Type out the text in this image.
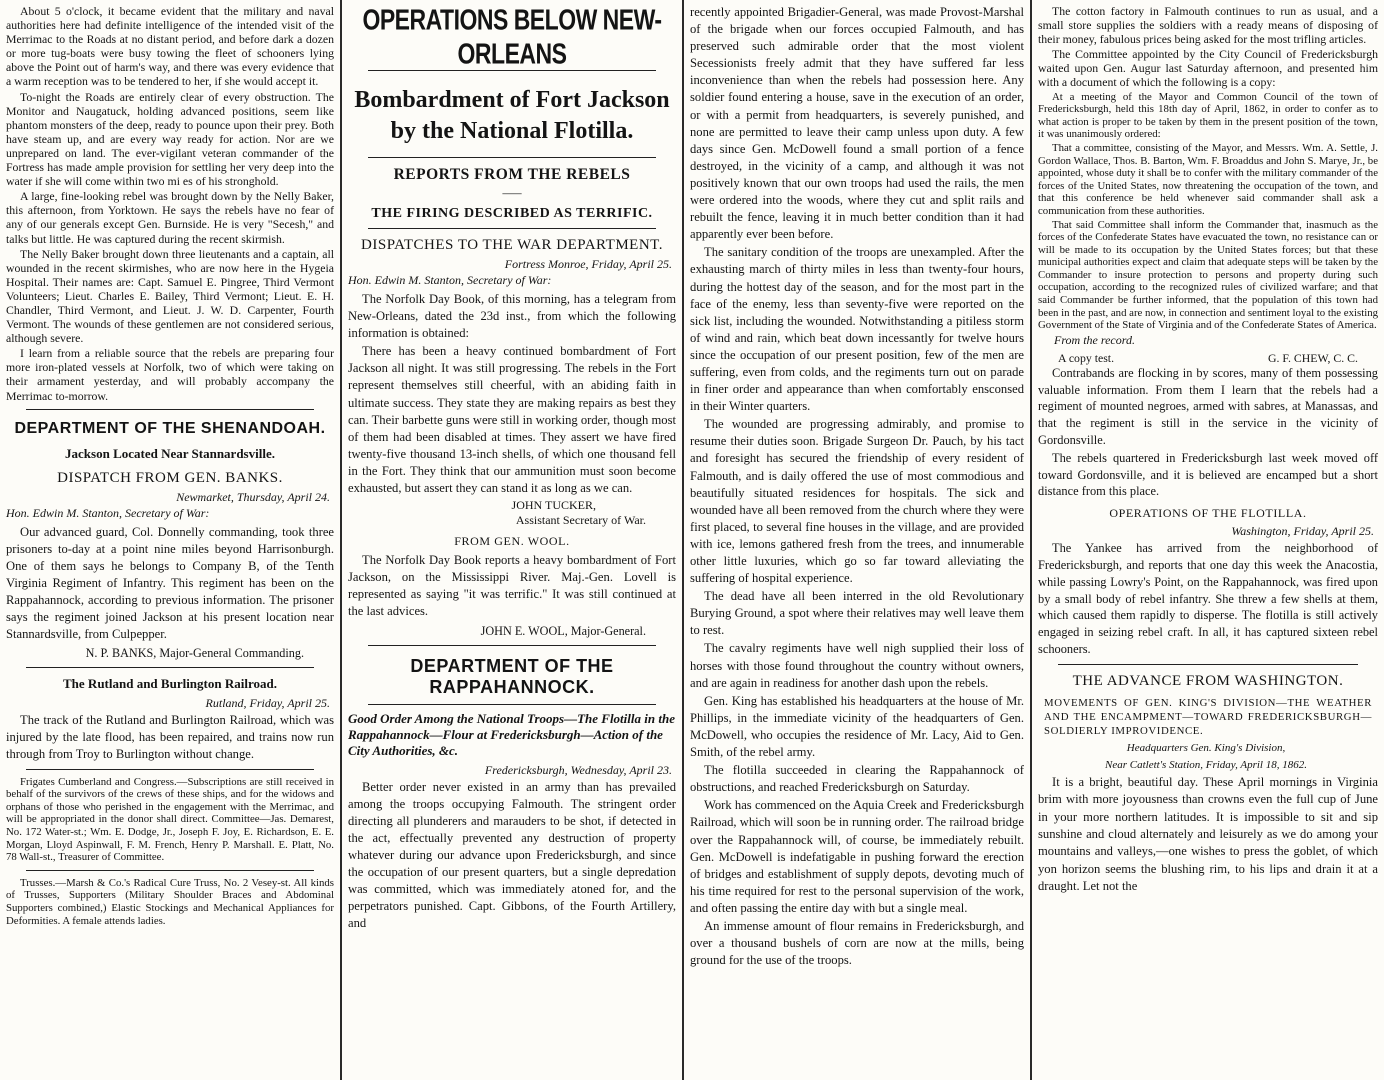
About 5 o'clock, it became evident that the military and naval authorities here had definite intelligence of the intended visit of the Merrimac to the Roads at no distant period, and before dark a dozen or more tug-boats were busy towing the fleet of schooners lying above the Point out of harm's way, and there was every evidence that a warm reception was to be tendered to her, if she would accept it.

To-night the Roads are entirely clear of every obstruction. The Monitor and Naugatuck, holding advanced positions, seem like phantom monsters of the deep, ready to pounce upon their prey. Both have steam up, and are every way ready for action. Nor are we unprepared on land. The ever-vigilant veteran commander of the Fortress has made ample provision for settling her very deep into the water if she will come within two mi es of his stronghold.

A large, fine-looking rebel was brought down by the Nelly Baker, this afternoon, from Yorktown. He says the rebels have no fear of any of our generals except Gen. Burnside. He is very "Secesh," and talks but little. He was captured during the recent skirmish.

The Nelly Baker brought down three lieutenants and a captain, all wounded in the recent skirmishes, who are now here in the Hygeia Hospital. Their names are: Capt. Samuel E. Pingree, Third Vermont Volunteers; Lieut. Charles E. Bailey, Third Vermont; Lieut. E. H. Chandler, Third Vermont, and Lieut. J. W. D. Carpenter, Fourth Vermont. The wounds of these gentlemen are not considered serious, although severe.

I learn from a reliable source that the rebels are preparing four more iron-plated vessels at Norfolk, two of which were taking on their armament yesterday, and will probably accompany the Merrimac to-morrow.

DEPARTMENT OF THE SHENANDOAH.
Jackson Located Near Stannardsville.
DISPATCH FROM GEN. BANKS.
Newmarket, Thursday, April 24.
Hon. Edwin M. Stanton, Secretary of War:

Our advanced guard, Col. Donnelly commanding, took three prisoners to-day at a point nine miles beyond Harrisonburgh. One of them says he belongs to Company B, of the Tenth Virginia Regiment of Infantry. This regiment has been on the Rappahannock, according to previous information. The prisoner says the regiment joined Jackson at his present location near Stannardsville, from Culpepper.

N. P. BANKS, Major-General Commanding.
The Rutland and Burlington Railroad.
Rutland, Friday, April 25.

The track of the Rutland and Burlington Railroad, which was injured by the late flood, has been repaired, and trains now run through from Troy to Burlington without change.

Frigates Cumberland and Congress.—Subscriptions are still received in behalf of the survivors of the crews of these ships, and for the widows and orphans of those who perished in the engagement with the Merrimac, and will be appropriated in the donor shall direct. Committee—Jas. Demarest, No. 172 Water-st.; Wm. E. Dodge, Jr., Joseph F. Joy, E. Richardson, E. E. Morgan, Lloyd Aspinwall, F. M. French, Henry P. Marshall. E. Platt, No. 78 Wall-st., Treasurer of Committee.

Trusses.—Marsh & Co.'s Radical Cure Truss, No. 2 Vesey-st. All kinds of Trusses, Supporters (Military Shoulder Braces and Abdominal Supporters combined,) Elastic Stockings and Mechanical Appliances for Deformities. A female attends ladies.

OPERATIONS BELOW NEW-ORLEANS
Bombardment of Fort Jackson by the National Flotilla.
REPORTS FROM THE REBELS
⸺
THE FIRING DESCRIBED AS TERRIFIC.
DISPATCHES TO THE WAR DEPARTMENT.
Fortress Monroe, Friday, April 25.
Hon. Edwin M. Stanton, Secretary of War:

The Norfolk Day Book, of this morning, has a telegram from New-Orleans, dated the 23d inst., from which the following information is obtained:

There has been a heavy continued bombardment of Fort Jackson all night. It was still progressing. The rebels in the Fort represent themselves still cheerful, with an abiding faith in ultimate success. They state they are making repairs as best they can. Their barbette guns were still in working order, though most of them had been disabled at times. They assert we have fired twenty-five thousand 13-inch shells, of which one thousand fell in the Fort. They think that our ammunition must soon become exhausted, but assert they can stand it as long as we can.

JOHN TUCKER,
Assistant Secretary of War.
FROM GEN. WOOL.

The Norfolk Day Book reports a heavy bombardment of Fort Jackson, on the Mississippi River. Maj.-Gen. Lovell is represented as saying "it was terrific." It was still continued at the last advices.

JOHN E. WOOL, Major-General.
DEPARTMENT OF THE RAPPAHANNOCK.
Good Order Among the National Troops—The Flotilla in the Rappahannock—Flour at Fredericksburgh—Action of the City Authorities, &c.
Fredericksburgh, Wednesday, April 23.

Better order never existed in an army than has prevailed among the troops occupying Falmouth. The stringent order directing all plunderers and marauders to be shot, if detected in the act, effectually prevented any destruction of property whatever during our advance upon Fredericksburgh, and since the occupation of our present quarters, but a single depredation was committed, which was immediately atoned for, and the perpetrators punished. Capt. Gibbons, of the Fourth Artillery, and

recently appointed Brigadier-General, was made Provost-Marshal of the brigade when our forces occupied Falmouth, and has preserved such admirable order that the most violent Secessionists freely admit that they have suffered far less inconvenience than when the rebels had possession here. Any soldier found entering a house, save in the execution of an order, or with a permit from headquarters, is severely punished, and none are permitted to leave their camp unless upon duty. A few days since Gen. McDowell found a small portion of a fence destroyed, in the vicinity of a camp, and although it was not positively known that our own troops had used the rails, the men were ordered into the woods, where they cut and split rails and rebuilt the fence, leaving it in much better condition than it had apparently ever been before.

The sanitary condition of the troops are unexampled. After the exhausting march of thirty miles in less than twenty-four hours, during the hottest day of the season, and for the most part in the face of the enemy, less than seventy-five were reported on the sick list, including the wounded. Notwithstanding a pitiless storm of wind and rain, which beat down incessantly for twelve hours since the occupation of our present position, few of the men are suffering, even from colds, and the regiments turn out on parade in finer order and appearance than when comfortably ensconsed in their Winter quarters.

The wounded are progressing admirably, and promise to resume their duties soon. Brigade Surgeon Dr. Pauch, by his tact and foresight has secured the friendship of every resident of Falmouth, and is daily offered the use of most commodious and beautifully situated residences for hospitals. The sick and wounded have all been removed from the church where they were first placed, to several fine houses in the village, and are provided with ice, lemons gathered fresh from the trees, and innumerable other little luxuries, which go so far toward alleviating the suffering of hospital experience.

The dead have all been interred in the old Revolutionary Burying Ground, a spot where their relatives may well leave them to rest.

The cavalry regiments have well nigh supplied their loss of horses with those found throughout the country without owners, and are again in readiness for another dash upon the rebels.

Gen. King has established his headquarters at the house of Mr. Phillips, in the immediate vicinity of the headquarters of Gen. McDowell, who occupies the residence of Mr. Lacy, Aid to Gen. Smith, of the rebel army.

The flotilla succeeded in clearing the Rappahannock of obstructions, and reached Fredericksburgh on Saturday.

Work has commenced on the Aquia Creek and Fredericksburgh Railroad, which will soon be in running order. The railroad bridge over the Rappahannock will, of course, be immediately rebuilt. Gen. McDowell is indefatigable in pushing forward the erection of bridges and establishment of supply depots, devoting much of his time required for rest to the personal supervision of the work, and often passing the entire day with but a single meal.

An immense amount of flour remains in Fredericksburgh, and over a thousand bushels of corn are now at the mills, being ground for the use of the troops.

The cotton factory in Falmouth continues to run as usual, and a small store supplies the soldiers with a ready means of disposing of their money, fabulous prices being asked for the most trifling articles.

The Committee appointed by the City Council of Fredericksburgh waited upon Gen. Augur last Saturday afternoon, and presented him with a document of which the following is a copy:

At a meeting of the Mayor and Common Council of the town of Fredericksburgh, held this 18th day of April, 1862, in order to confer as to what action is proper to be taken by them in the present position of the town, it was unanimously ordered:

That a committee, consisting of the Mayor, and Messrs. Wm. A. Settle, J. Gordon Wallace, Thos. B. Barton, Wm. F. Broaddus and John S. Marye, Jr., be appointed, whose duty it shall be to confer with the military commander of the forces of the United States, now threatening the occupation of the town, and that this conference be held whenever said commander shall ask a communication from these authorities.

That said Committee shall inform the Commander that, inasmuch as the forces of the Confederate States have evacuated the town, no resistance can or will be made to its occupation by the United States forces; but that these municipal authorities expect and claim that adequate steps will be taken by the Commander to insure protection to persons and property during such occupation, according to the recognized rules of civilized warfare; and that said Commander be further informed, that the population of this town had been in the past, and are now, in connection and sentiment loyal to the existing Government of the State of Virginia and of the Confederate States of America.

From the record.
A copy test.	G. F. CHEW, C. C.

Contrabands are flocking in by scores, many of them possessing valuable information. From them I learn that the rebels had a regiment of mounted negroes, armed with sabres, at Manassas, and that the regiment is still in the service in the vicinity of Gordonsville.

The rebels quartered in Fredericksburgh last week moved off toward Gordonsville, and it is believed are encamped but a short distance from this place.

OPERATIONS OF THE FLOTILLA.
Washington, Friday, April 25.

The Yankee has arrived from the neighborhood of Fredericksburgh, and reports that one day this week the Anacostia, while passing Lowry's Point, on the Rappahannock, was fired upon by a small body of rebel infantry. She threw a few shells at them, which caused them rapidly to disperse. The flotilla is still actively engaged in seizing rebel craft. In all, it has captured sixteen rebel schooners.

THE ADVANCE FROM WASHINGTON.
MOVEMENTS OF GEN. KING'S DIVISION—THE WEATHER AND THE ENCAMPMENT—TOWARD FREDERICKSBURGH—SOLDIERLY IMPROVIDENCE.
Headquarters Gen. King's Division,
Near Catlett's Station, Friday, April 18, 1862.

It is a bright, beautiful day. These April mornings in Virginia brim with more joyousness than crowns even the full cup of June in your more northern latitudes. It is impossible to sit and sip sunshine and cloud alternately and leisurely as we do among your mountains and valleys,—one wishes to press the goblet, of which yon horizon seems the blushing rim, to his lips and drain it at a draught. Let not the
